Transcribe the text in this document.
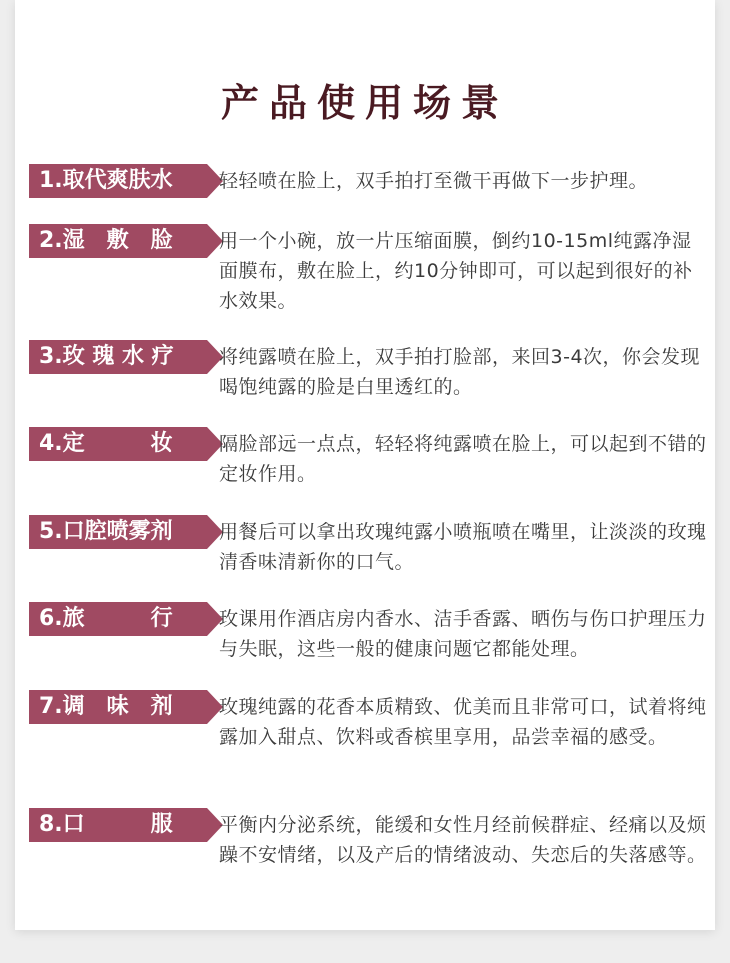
产品使用场景
1.取代爽肤水	轻轻喷在脸上，双手拍打至微干再做下一步护理。
2.湿　敷　脸	用一个小碗，放一片压缩面膜，倒约10-15ml纯露净湿面膜布，敷在脸上，约10分钟即可，可以起到很好的补水效果。
3.玫 瑰 水 疗	将纯露喷在脸上，双手拍打脸部，来回3-4次，你会发现喝饱纯露的脸是白里透红的。
4.定　　　妆	隔脸部远一点点，轻轻将纯露喷在脸上，可以起到不错的定妆作用。
5.口腔喷雾剂	用餐后可以拿出玫瑰纯露小喷瓶喷在嘴里，让淡淡的玫瑰清香味清新你的口气。
6.旅　　　行	玫课用作酒店房内香水、洁手香露、晒伤与伤口护理压力与失眠，这些一般的健康问题它都能处理。
7.调　味　剂	玫瑰纯露的花香本质精致、优美而且非常可口，试着将纯露加入甜点、饮料或香槟里享用，品尝幸福的感受。
8.口　　　服	平衡内分泌系统，能缓和女性月经前候群症、经痛以及烦躁不安情绪，以及产后的情绪波动、失恋后的失落感等。
